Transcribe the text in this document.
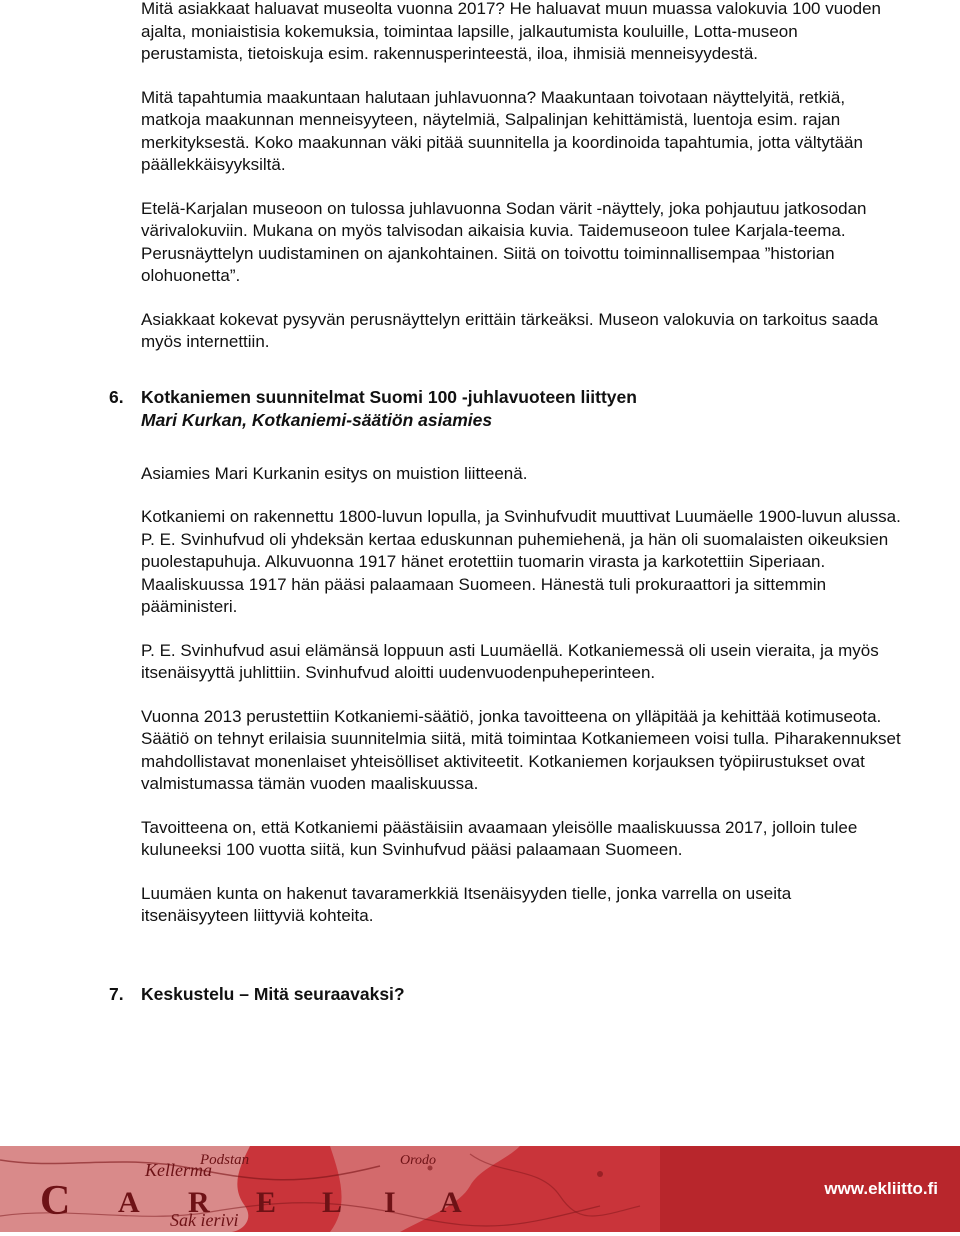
Mitä asiakkaat haluavat museolta vuonna 2017? He haluavat muun muassa valokuvia 100 vuoden ajalta, moniaistisia kokemuksia, toimintaa lapsille, jalkautumista kouluille, Lotta-museon perustamista, tietoiskuja esim. rakennusperinteestä, iloa, ihmisiä menneisyydestä.

Mitä tapahtumia maakuntaan halutaan juhlavuonna? Maakuntaan toivotaan näyttelyitä, retkiä, matkoja maakunnan menneisyyteen, näytelmiä, Salpalinjan kehittämistä, luentoja esim. rajan merkityksestä. Koko maakunnan väki pitää suunnitella ja koordinoida tapahtumia, jotta vältytään päällekkäisyyksiltä.

Etelä-Karjalan museoon on tulossa juhlavuonna Sodan värit -näyttely, joka pohjautuu jatkosodan värivalokuviin. Mukana on myös talvisodan aikaisia kuvia. Taidemuseoon tulee Karjala-teema. Perusnäyttelyn uudistaminen on ajankohtainen. Siitä on toivottu toiminnallisempaa ”historian olohuonetta”.

Asiakkaat kokevat pysyvän perusnäyttelyn erittäin tärkeäksi. Museon valokuvia on tarkoitus saada myös internettiin.

6. Kotkaniemen suunnitelmat Suomi 100 -juhlavuoteen liittyen
Mari Kurkan, Kotkaniemi-säätiön asiamies

Asiamies Mari Kurkanin esitys on muistion liitteenä.

Kotkaniemi on rakennettu 1800-luvun lopulla, ja Svinhufvudit muuttivat Luumäelle 1900-luvun alussa. P. E. Svinhufvud oli yhdeksän kertaa eduskunnan puhemiehenä, ja hän oli suomalaisten oikeuksien puolestapuhuja. Alkuvuonna 1917 hänet erotettiin tuomarin virasta ja karkotettiin Siperiaan. Maaliskuussa 1917 hän pääsi palaamaan Suomeen. Hänestä tuli prokuraattori ja sittemmin pääministeri.

P. E. Svinhufvud asui elämänsä loppuun asti Luumäellä. Kotkaniemessä oli usein vieraita, ja myös itsenäisyyttä juhlittiin. Svinhufvud aloitti uudenvuodenpuheperinteen.

Vuonna 2013 perustettiin Kotkaniemi-säätiö, jonka tavoitteena on ylläpitää ja kehittää kotimuseota. Säätiö on tehnyt erilaisia suunnitelmia siitä, mitä toimintaa Kotkaniemeen voisi tulla. Piharakennukset mahdollistavat monenlaiset yhteisölliset aktiviteetit. Kotkaniemen korjauksen työpiirustukset ovat valmistumassa tämän vuoden maaliskuussa.

Tavoitteena on, että Kotkaniemi päästäisiin avaamaan yleisölle maaliskuussa 2017, jolloin tulee kuluneeksi 100 vuotta siitä, kun Svinhufvud pääsi palaamaan Suomeen.

Luumäen kunta on hakenut tavaramerkkiä Itsenäisyyden tielle, jonka varrella on useita itsenäisyyteen liittyviä kohteita.

7. Keskustelu – Mitä seuraavaksi?
Kellerma
Sak ierivi
Podstan	Orodo
C A R E L I A	www.ekliitto.fi
